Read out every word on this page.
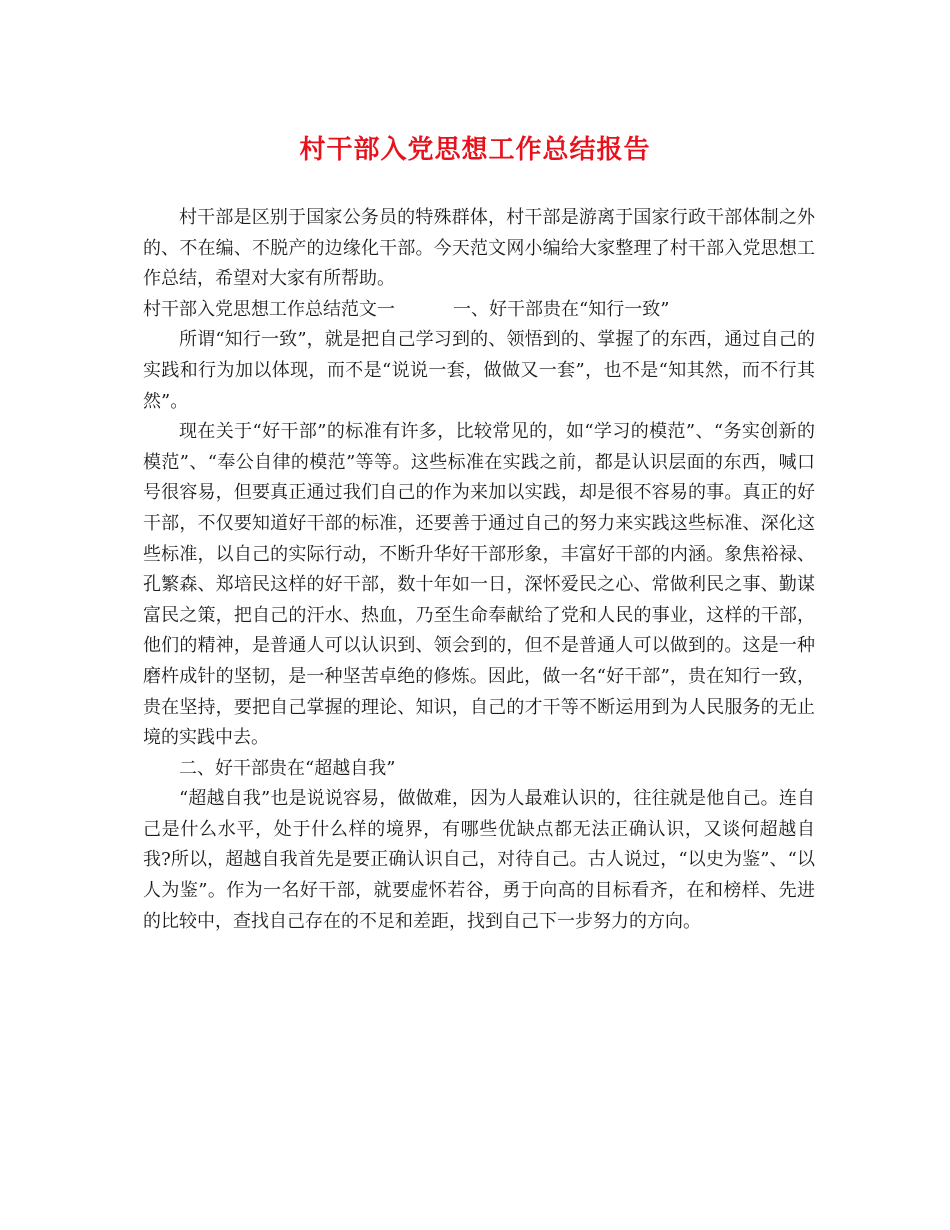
村干部入党思想工作总结报告

村干部是区别于国家公务员的特殊群体，村干部是游离于国家行政干部体制之外的、不在编、不脱产的边缘化干部。今天范文网小编给大家整理了村干部入党思想工作总结，希望对大家有所帮助。

村干部入党思想工作总结范文一	一、好干部贵在“知行一致”

所谓“知行一致”，就是把自己学习到的、领悟到的、掌握了的东西，通过自己的实践和行为加以体现，而不是“说说一套，做做又一套”，也不是“知其然，而不行其然”。

现在关于“好干部”的标准有许多，比较常见的，如“学习的模范”、“务实创新的模范”、“奉公自律的模范”等等。这些标准在实践之前，都是认识层面的东西，喊口号很容易，但要真正通过我们自己的作为来加以实践，却是很不容易的事。真正的好干部，不仅要知道好干部的标准，还要善于通过自己的努力来实践这些标准、深化这些标准，以自己的实际行动，不断升华好干部形象，丰富好干部的内涵。象焦裕禄、孔繁森、郑培民这样的好干部，数十年如一日，深怀爱民之心、常做利民之事、勤谋富民之策，把自己的汗水、热血，乃至生命奉献给了党和人民的事业，这样的干部，他们的精神，是普通人可以认识到、领会到的，但不是普通人可以做到的。这是一种磨杵成针的坚韧，是一种坚苦卓绝的修炼。因此，做一名“好干部”，贵在知行一致，贵在坚持，要把自己掌握的理论、知识，自己的才干等不断运用到为人民服务的无止境的实践中去。

二、好干部贵在“超越自我”

“超越自我”也是说说容易，做做难，因为人最难认识的，往往就是他自己。连自己是什么水平，处于什么样的境界，有哪些优缺点都无法正确认识，又谈何超越自我?所以，超越自我首先是要正确认识自己，对待自己。古人说过，“以史为鉴”、“以人为鉴”。作为一名好干部，就要虚怀若谷，勇于向高的目标看齐，在和榜样、先进的比较中，查找自己存在的不足和差距，找到自己下一步努力的方向。
